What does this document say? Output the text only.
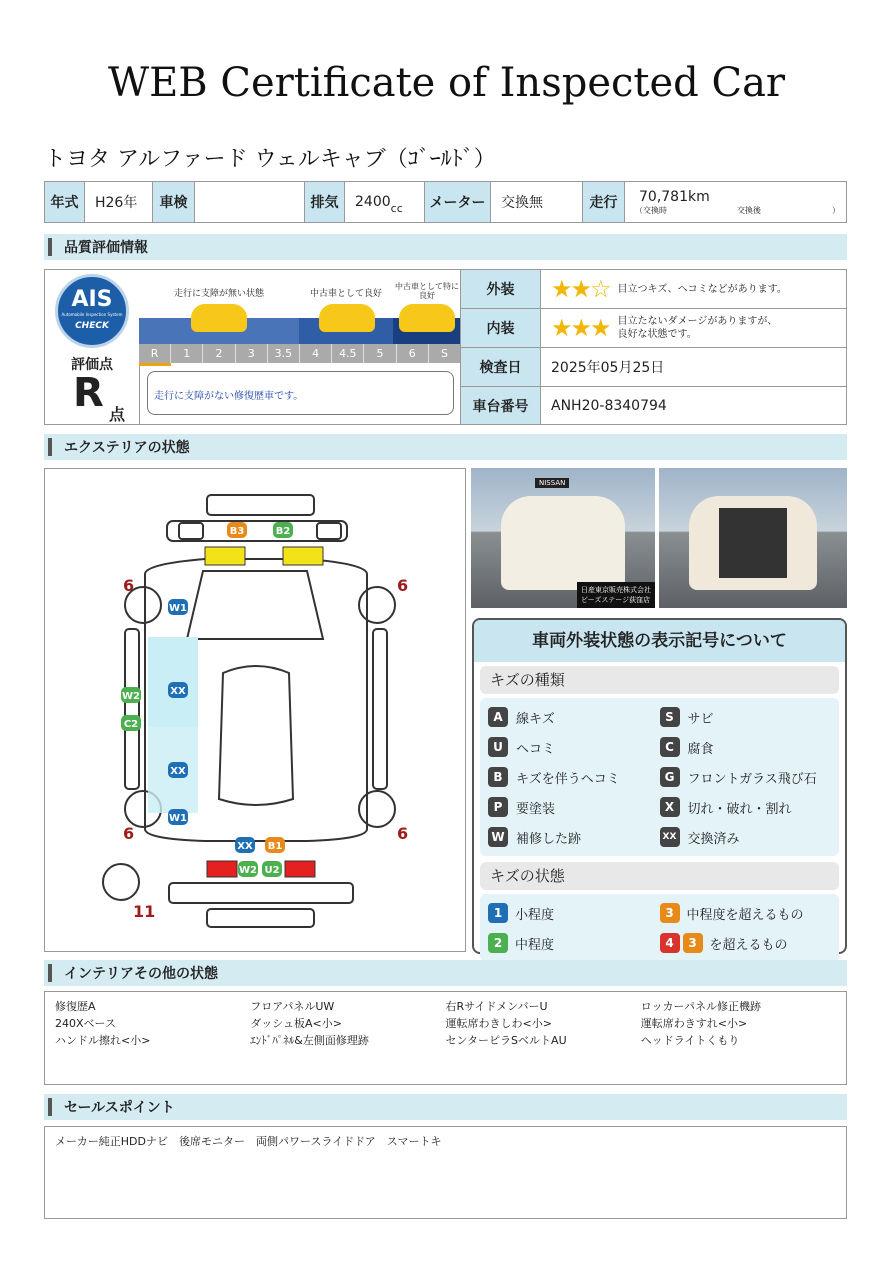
WEB Certificate of Inspected Car
トヨタ アルファード ウェルキャブ（ｺﾞｰﾙﾄﾞ）
年式	H26年	車検	排気	2400 cc	メーター	交換無	走行	70,781km
（交換時	交換後	）
品質評価情報
AIS
Automobile Inspection System
CHECK
評価点
R 点
走行に支障が無い状態	中古車として良好
中古車として特に良好
R	1	2	3	3.5	4	4.5	5	6	S
走行に支障がない修復歴車です。
外装	★★☆ 目立つキズ、ヘコミなどがあります。
内装	★★★ 目立たないダメージがありますが、
良好な状態です。
検査日	2025年05月25日
車台番号	ANH20-8340794
エクステリアの状態
B3	B2
W1
XX
W2
C2
XX
W1
XX B1
W2 U2
6	6
6	6
11
NISSAN
日産東京販売株式会社
ビーズステージ荻窪店
車両外装状態の表示記号について
キズの種類
A	線キズ	S	サビ
U	ヘコミ	C	腐食
B	キズを伴うヘコミ	G	フロントガラス飛び石
P	要塗装	X	切れ・破れ・割れ
W 補修した跡	XX 交換済み
キズの状態
1 小程度	3 中程度を超えるもの
2 中程度	4	3 を超えるもの
インテリアその他の状態
修復歴A	フロアパネルUW	右RサイドメンバーU	ロッカーパネル修正機跡
240Xベース	ダッシュ板A<小>	運転席わきしわ<小>	運転席わきすれ<小>
ハンドル擦れ<小>	ｴﾝﾄﾞﾊﾟﾈﾙ&左側面修理跡	センターピラSベルトAU	ヘッドライトくもり
セールスポイント
メーカー純正HDDナビ　後席モニター　両側パワースライドドア　スマートキ
